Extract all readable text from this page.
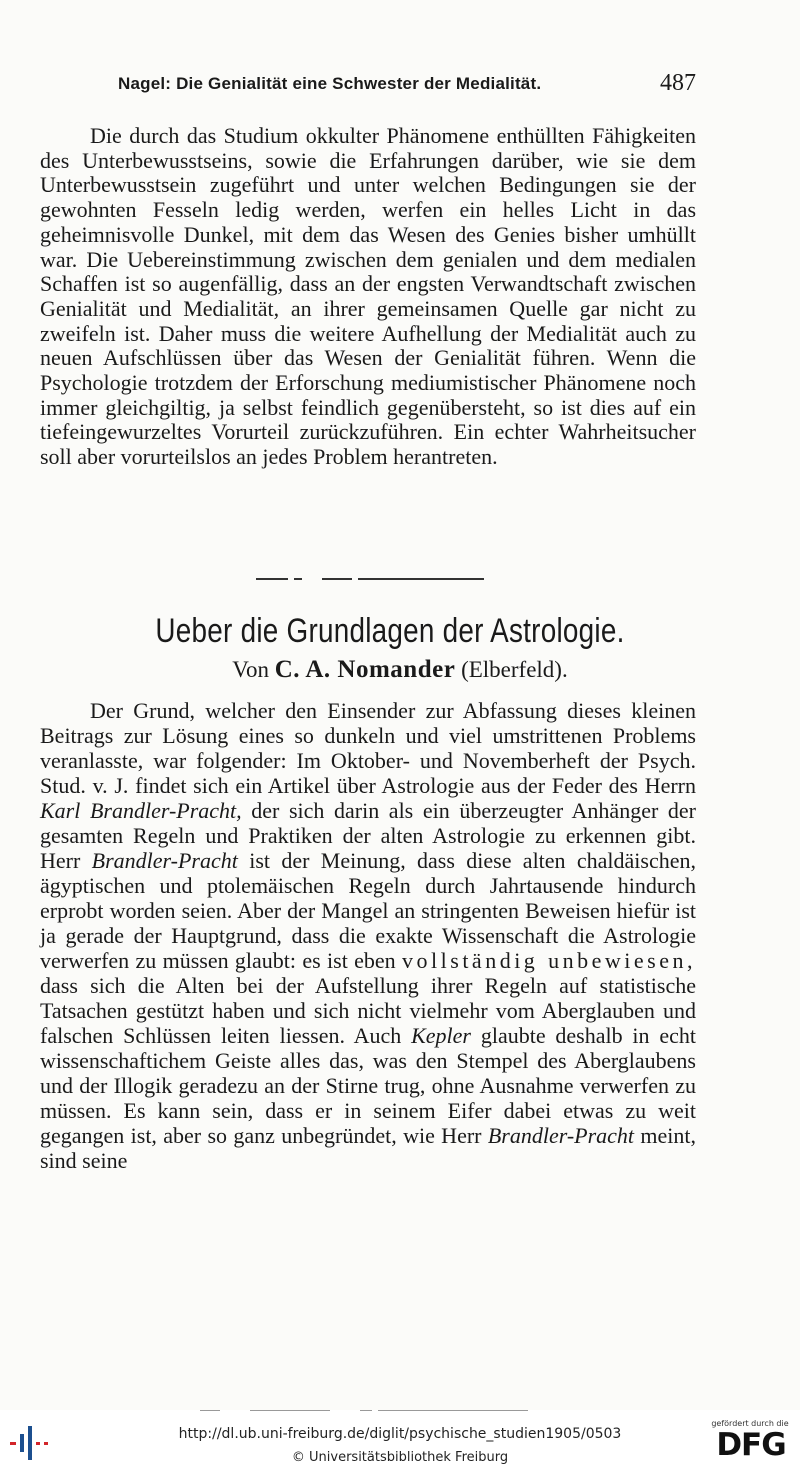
Nagel: Die Genialität eine Schwester der Medialität.	487

Die durch das Studium okkulter Phänomene enthüllten Fähigkeiten des Unterbewusstseins, sowie die Erfahrungen darüber, wie sie dem Unterbewusstsein zugeführt und unter welchen Bedingungen sie der gewohnten Fesseln ledig werden, werfen ein helles Licht in das geheimnisvolle Dunkel, mit dem das Wesen des Genies bisher umhüllt war. Die Uebereinstimmung zwischen dem genialen und dem medialen Schaffen ist so augenfällig, dass an der engsten Verwandtschaft zwischen Genialität und Medialität, an ihrer gemeinsamen Quelle gar nicht zu zweifeln ist. Daher muss die weitere Aufhellung der Medialität auch zu neuen Aufschlüssen über das Wesen der Genialität führen. Wenn die Psychologie trotzdem der Erforschung mediumistischer Phänomene noch immer gleichgiltig, ja selbst feindlich gegenübersteht, so ist dies auf ein tiefeingewurzeltes Vorurteil zurückzuführen. Ein echter Wahrheitsucher soll aber vorurteilslos an jedes Problem herantreten.

Ueber die Grundlagen der Astrologie.
Von C. A. Nomander (Elberfeld).

Der Grund, welcher den Einsender zur Abfassung dieses kleinen Beitrags zur Lösung eines so dunkeln und viel umstrittenen Problems veranlasste, war folgender: Im Oktober- und Novemberheft der Psych. Stud. v. J. findet sich ein Artikel über Astrologie aus der Feder des Herrn Karl Brandler-Pracht, der sich darin als ein überzeugter Anhänger der gesamten Regeln und Praktiken der alten Astrologie zu erkennen gibt. Herr Brandler-Pracht ist der Meinung, dass diese alten chaldäischen, ägyptischen und ptolemäischen Regeln durch Jahrtausende hindurch erprobt worden seien. Aber der Mangel an stringenten Beweisen hiefür ist ja gerade der Hauptgrund, dass die exakte Wissenschaft die Astrologie verwerfen zu müssen glaubt: es ist eben vollständig unbewiesen, dass sich die Alten bei der Aufstellung ihrer Regeln auf statistische Tatsachen gestützt haben und sich nicht vielmehr vom Aberglauben und falschen Schlüssen leiten liessen. Auch Kepler glaubte deshalb in echt wissenschaftichem Geiste alles das, was den Stempel des Aberglaubens und der Illogik geradezu an der Stirne trug, ohne Ausnahme verwerfen zu müssen. Es kann sein, dass er in seinem Eifer dabei etwas zu weit gegangen ist, aber so ganz unbegründet, wie Herr Brandler-Pracht meint, sind seine

http://dl.ub.uni-freiburg.de/diglit/psychische_studien1905/0503
© Universitätsbibliothek Freiburg
gefördert durch die
DFG
